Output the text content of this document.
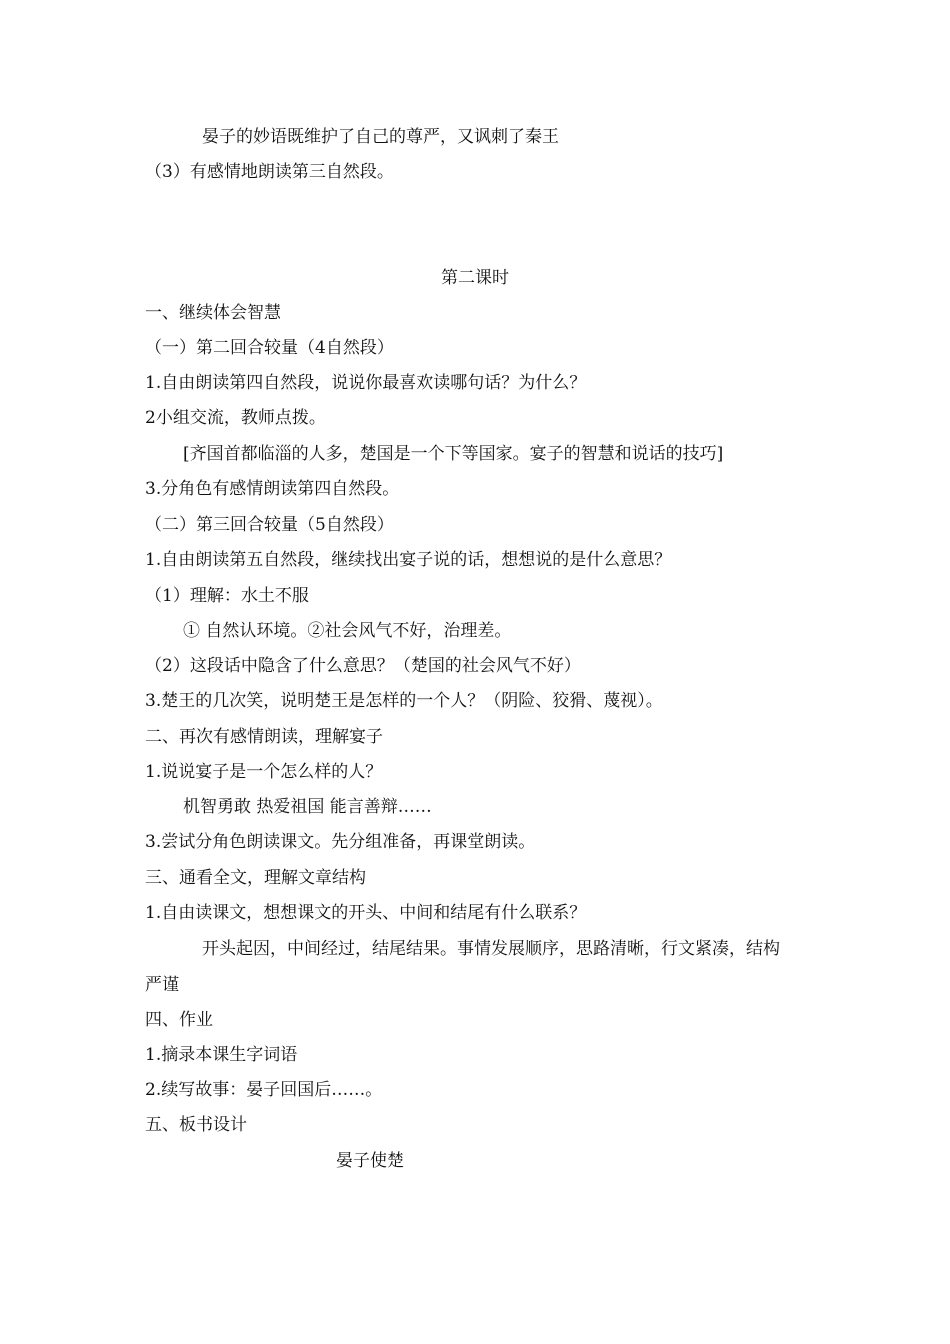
晏子的妙语既维护了自己的尊严，又讽刺了秦王

（3）有感情地朗读第三自然段。

第二课时

一、继续体会智慧

（一）第二回合较量（4自然段）

1.自由朗读第四自然段，说说你最喜欢读哪句话？为什么？

2小组交流，教师点拨。

[齐国首都临淄的人多，楚国是一个下等国家。宴子的智慧和说话的技巧]

3.分角色有感情朗读第四自然段。

（二）第三回合较量（5自然段）

1.自由朗读第五自然段，继续找出宴子说的话，想想说的是什么意思？

（1）理解：水土不服

① 自然认环境。②社会风气不好，治理差。

（2）这段话中隐含了什么意思？（楚国的社会风气不好）

3.楚王的几次笑，说明楚王是怎样的一个人？（阴险、狡猾、蔑视）。

二、再次有感情朗读，理解宴子

1.说说宴子是一个怎么样的人？

机智勇敢 热爱祖国 能言善辩……

3.尝试分角色朗读课文。先分组准备，再课堂朗读。

三、通看全文，理解文章结构

1.自由读课文，想想课文的开头、中间和结尾有什么联系？

开头起因，中间经过，结尾结果。事情发展顺序，思路清晰，行文紧凑，结构

严谨

四、作业

1.摘录本课生字词语

2.续写故事：晏子回国后……。

五、板书设计

晏子使楚
